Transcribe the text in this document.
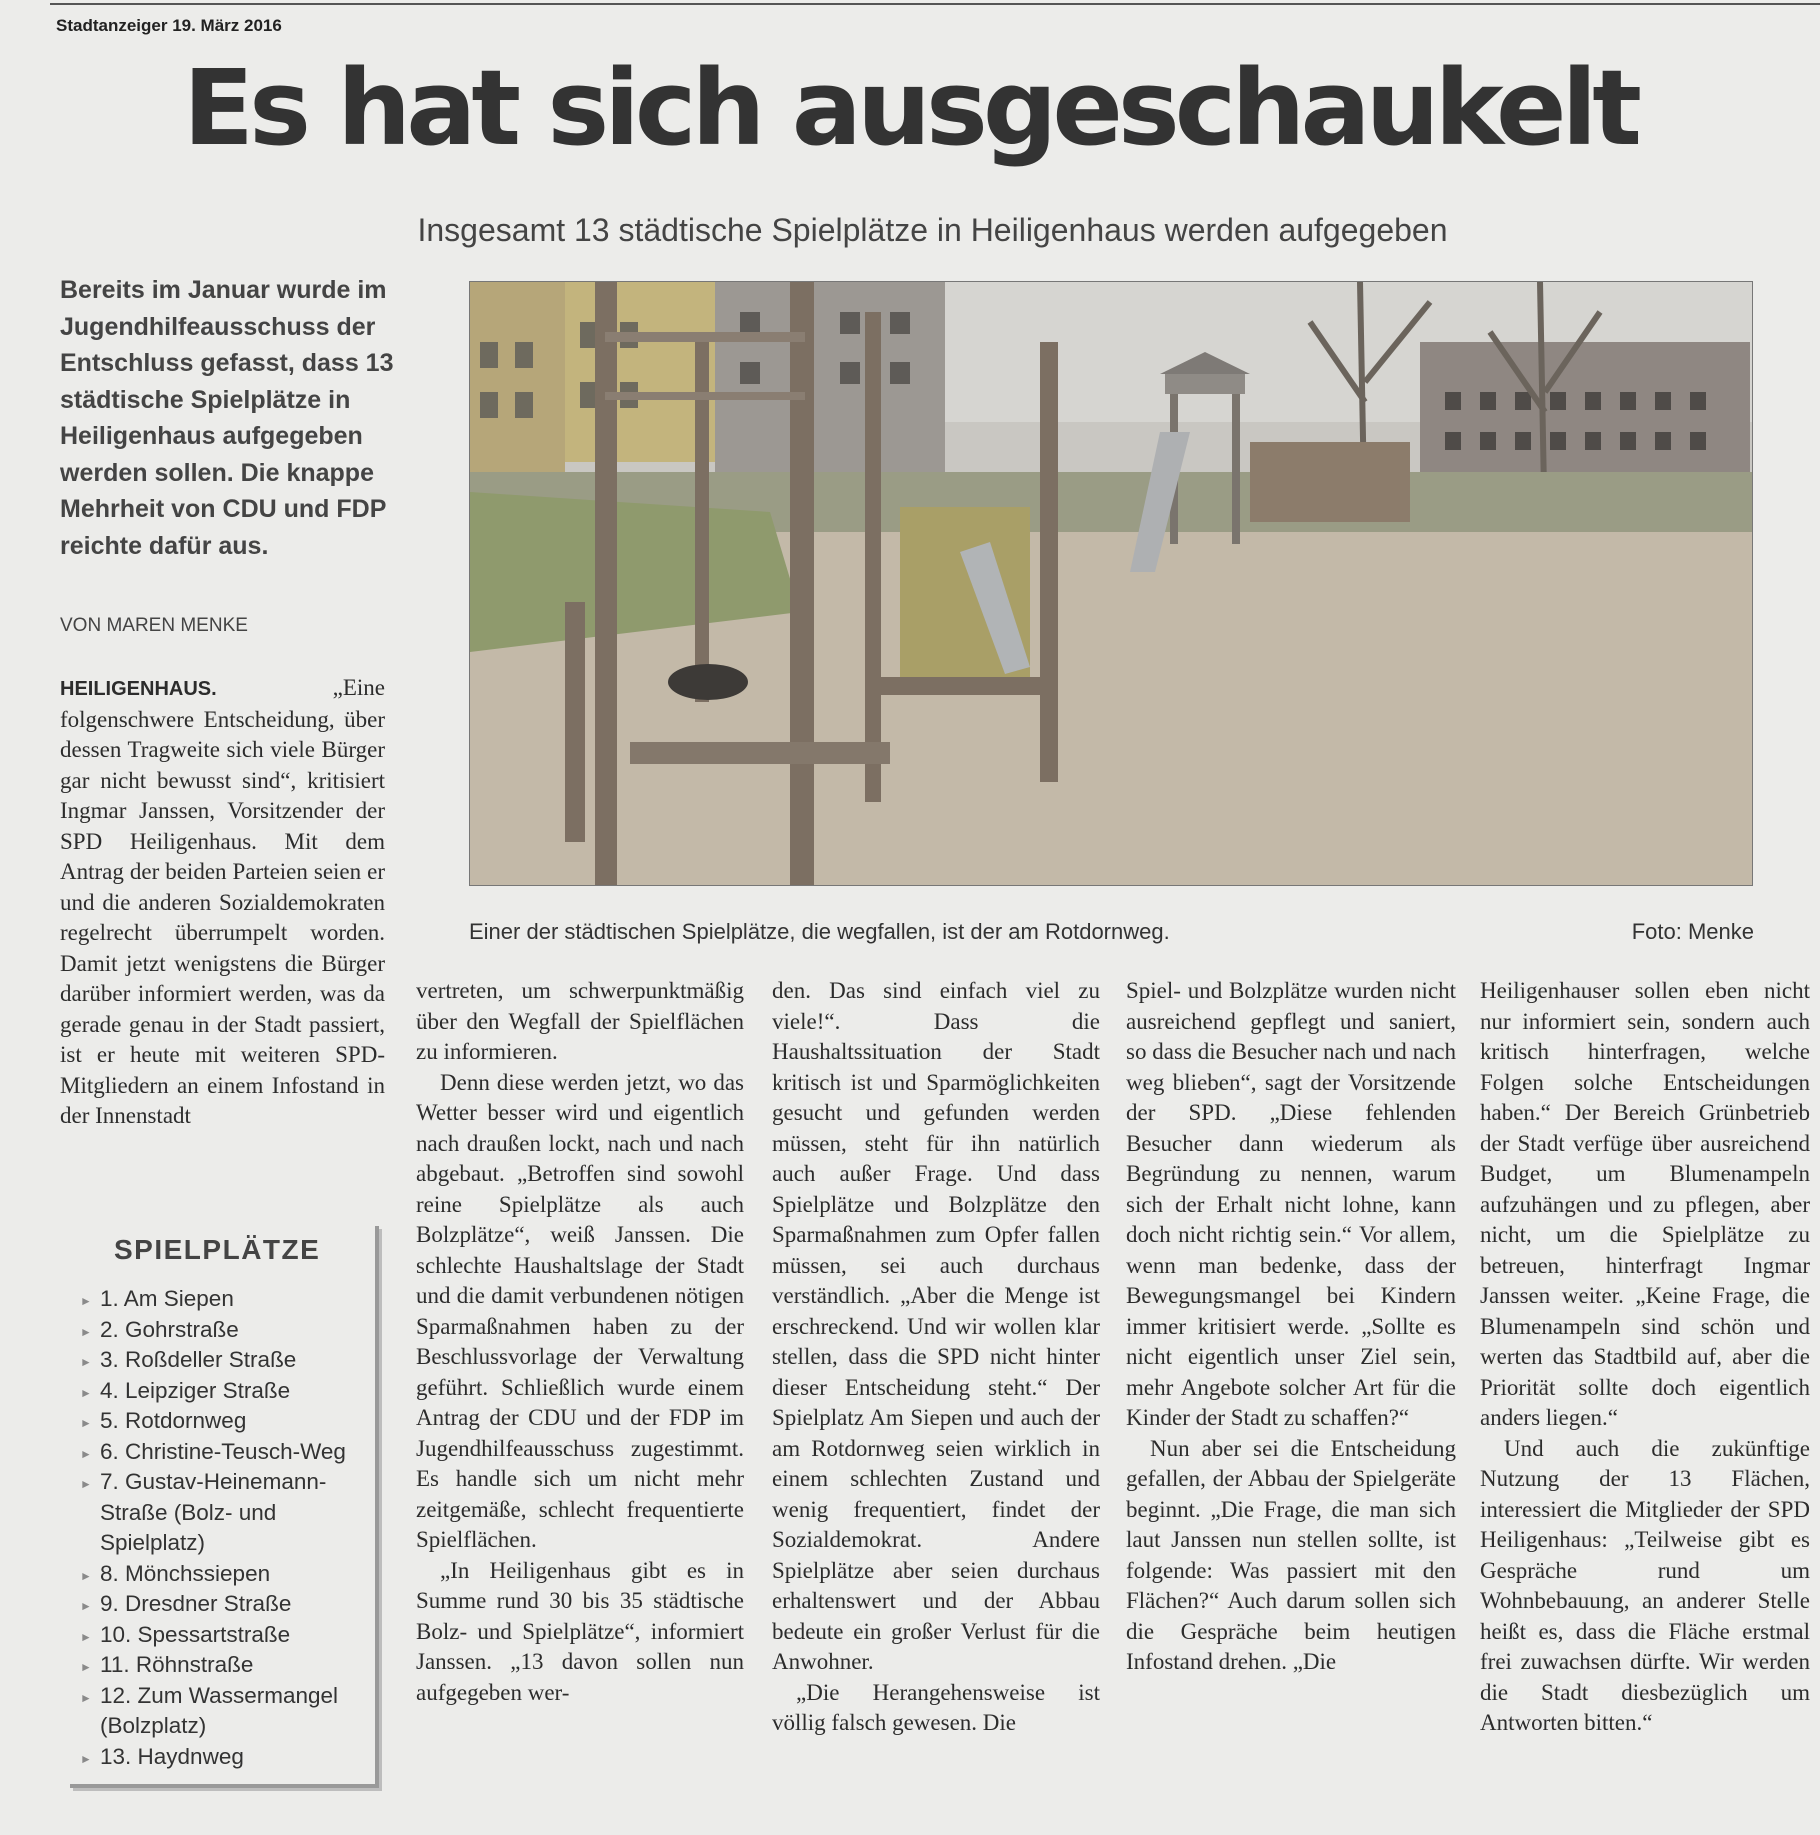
Stadtanzeiger 19. März 2016
Es hat sich ausgeschaukelt
Insgesamt 13 städtische Spielplätze in Heiligenhaus werden aufgegeben
Bereits im Januar wurde im Jugendhilfeausschuss der Entschluss gefasst, dass 13 städtische Spielplätze in Heiligenhaus aufgegeben werden sollen. Die knappe Mehrheit von CDU und FDP reichte dafür aus.
VON MAREN MENKE
Einer der städtischen Spielplätze, die wegfallen, ist der am Rotdornweg.	Foto: Menke

HEILIGENHAUS.	„Eine folgenschwere Entscheidung, über dessen Tragweite sich viele Bürger gar nicht bewusst sind“, kritisiert Ingmar Janssen, Vorsitzender der SPD Heiligenhaus. Mit dem Antrag der beiden Parteien seien er und die anderen Sozialdemokraten regelrecht überrumpelt worden. Damit jetzt wenigstens die Bürger darüber informiert werden, was da gerade genau in der Stadt passiert, ist er heute mit weiteren SPD-Mitgliedern an einem Infostand in der Innenstadt

vertreten, um schwerpunktmäßig über den Wegfall der Spielflächen zu informieren.

Denn diese werden jetzt, wo das Wetter besser wird und eigentlich nach draußen lockt, nach und nach abgebaut. „Betroffen sind sowohl reine Spielplätze als auch Bolzplätze“, weiß Janssen. Die schlechte Haushaltslage der Stadt und die damit verbundenen nötigen Sparmaßnahmen haben zu der Beschlussvorlage der Verwaltung geführt. Schließlich wurde einem Antrag der CDU und der FDP im Jugendhilfeausschuss zugestimmt. Es handle sich um nicht mehr zeitgemäße, schlecht frequentierte Spielflächen.

„In Heiligenhaus gibt es in Summe rund 30 bis 35 städtische Bolz- und Spielplätze“, informiert Janssen. „13 davon sollen nun aufgegeben wer-

den. Das sind einfach viel zu viele!“. Dass die Haushaltssituation der Stadt kritisch ist und Sparmöglichkeiten gesucht und gefunden werden müssen, steht für ihn natürlich auch außer Frage. Und dass Spielplätze und Bolzplätze den Sparmaßnahmen zum Opfer fallen müssen, sei auch durchaus verständlich. „Aber die Menge ist erschreckend. Und wir wollen klar stellen, dass die SPD nicht hinter dieser Entscheidung steht.“ Der Spielplatz Am Siepen und auch der am Rotdornweg seien wirklich in einem schlechten Zustand und wenig frequentiert, findet der Sozialdemokrat. Andere Spielplätze aber seien durchaus erhaltenswert und der Abbau bedeute ein großer Verlust für die Anwohner.

„Die Herangehensweise ist völlig falsch gewesen. Die

Spiel- und Bolzplätze wurden nicht ausreichend gepflegt und saniert, so dass die Besucher nach und nach weg blieben“, sagt der Vorsitzende der SPD. „Diese fehlenden Besucher dann wiederum als Begründung zu nennen, warum sich der Erhalt nicht lohne, kann doch nicht richtig sein.“ Vor allem, wenn man bedenke, dass der Bewegungsmangel bei Kindern immer kritisiert werde. „Sollte es nicht eigentlich unser Ziel sein, mehr Angebote solcher Art für die Kinder der Stadt zu schaffen?“

Nun aber sei die Entscheidung gefallen, der Abbau der Spielgeräte beginnt. „Die Frage, die man sich laut Janssen nun stellen sollte, ist folgende: Was passiert mit den Flächen?“ Auch darum sollen sich die Gespräche beim heutigen Infostand drehen. „Die

Heiligenhauser sollen eben nicht nur informiert sein, sondern auch kritisch hinterfragen, welche Folgen solche Entscheidungen haben.“ Der Bereich Grünbetrieb der Stadt verfüge über ausreichend Budget, um Blumenampeln aufzuhängen und zu pflegen, aber nicht, um die Spielplätze zu betreuen, hinterfragt Ingmar Janssen weiter. „Keine Frage, die Blumenampeln sind schön und werten das Stadtbild auf, aber die Priorität sollte doch eigentlich anders liegen.“

Und auch die zukünftige Nutzung der 13 Flächen, interessiert die Mitglieder der SPD Heiligenhaus: „Teilweise gibt es Gespräche rund um Wohnbebauung, an anderer Stelle heißt es, dass die Fläche erstmal frei zuwachsen dürfte. Wir werden die Stadt diesbezüglich um Antworten bitten.“

SPIELPLÄTZE
► 1. Am Siepen
► 2. Gohrstraße
► 3. Roßdeller Straße
► 4. Leipziger Straße
► 5. Rotdornweg
► 6. Christine-Teusch-Weg
► 7. Gustav-Heinemann-Straße (Bolz- und Spielplatz)
► 8. Mönchssiepen
► 9. Dresdner Straße
► 10. Spessartstraße
► 11. Röhnstraße
► 12. Zum Wassermangel (Bolzplatz)
► 13. Haydnweg
